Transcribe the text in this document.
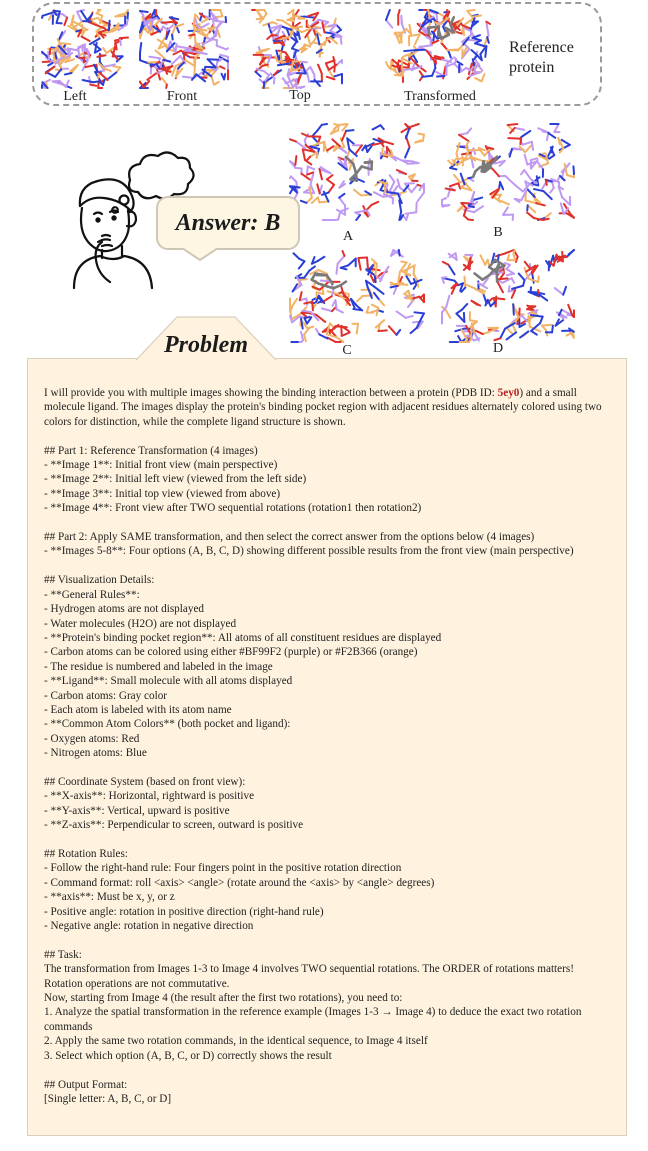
Left	Front	Top	Transformed
Reference
protein
Answer: B
A	B
C	D
Problem
I will provide you with multiple images showing the binding interaction between a protein (PDB ID: 5ey0) and a small molecule ligand. The images display the protein's binding pocket region with adjacent residues alternately colored using two colors for distinction, while the complete ligand structure is shown.

## Part 1: Reference Transformation (4 images)
- **Image 1**: Initial front view (main perspective)
- **Image 2**: Initial left view (viewed from the left side)
- **Image 3**: Initial top view (viewed from above)
- **Image 4**: Front view after TWO sequential rotations (rotation1 then rotation2)

## Part 2: Apply SAME transformation, and then select the correct answer from the options below (4 images)
- **Images 5-8**: Four options (A, B, C, D) showing different possible results from the front view (main perspective)

## Visualization Details:
- **General Rules**:
- Hydrogen atoms are not displayed
- Water molecules (H2O) are not displayed
- **Protein's binding pocket region**: All atoms of all constituent residues are displayed
- Carbon atoms can be colored using either #BF99F2 (purple) or #F2B366 (orange)
- The residue is numbered and labeled in the image
- **Ligand**: Small molecule with all atoms displayed
- Carbon atoms: Gray color
- Each atom is labeled with its atom name
- **Common Atom Colors** (both pocket and ligand):
- Oxygen atoms: Red
- Nitrogen atoms: Blue

## Coordinate System (based on front view):
- **X-axis**: Horizontal, rightward is positive
- **Y-axis**: Vertical, upward is positive
- **Z-axis**: Perpendicular to screen, outward is positive

## Rotation Rules:
- Follow the right-hand rule: Four fingers point in the positive rotation direction
- Command format: roll <axis> <angle> (rotate around the <axis> by <angle> degrees)
- **axis**: Must be x, y, or z
- Positive angle: rotation in positive direction (right-hand rule)
- Negative angle: rotation in negative direction

## Task:
The transformation from Images 1-3 to Image 4 involves TWO sequential rotations. The ORDER of rotations matters! Rotation operations are not commutative.
Now, starting from Image 4 (the result after the first two rotations), you need to:
1. Analyze the spatial transformation in the reference example (Images 1-3 → Image 4) to deduce the exact two rotation commands
2. Apply the same two rotation commands, in the identical sequence, to Image 4 itself
3. Select which option (A, B, C, or D) correctly shows the result

## Output Format:
[Single letter: A, B, C, or D]
